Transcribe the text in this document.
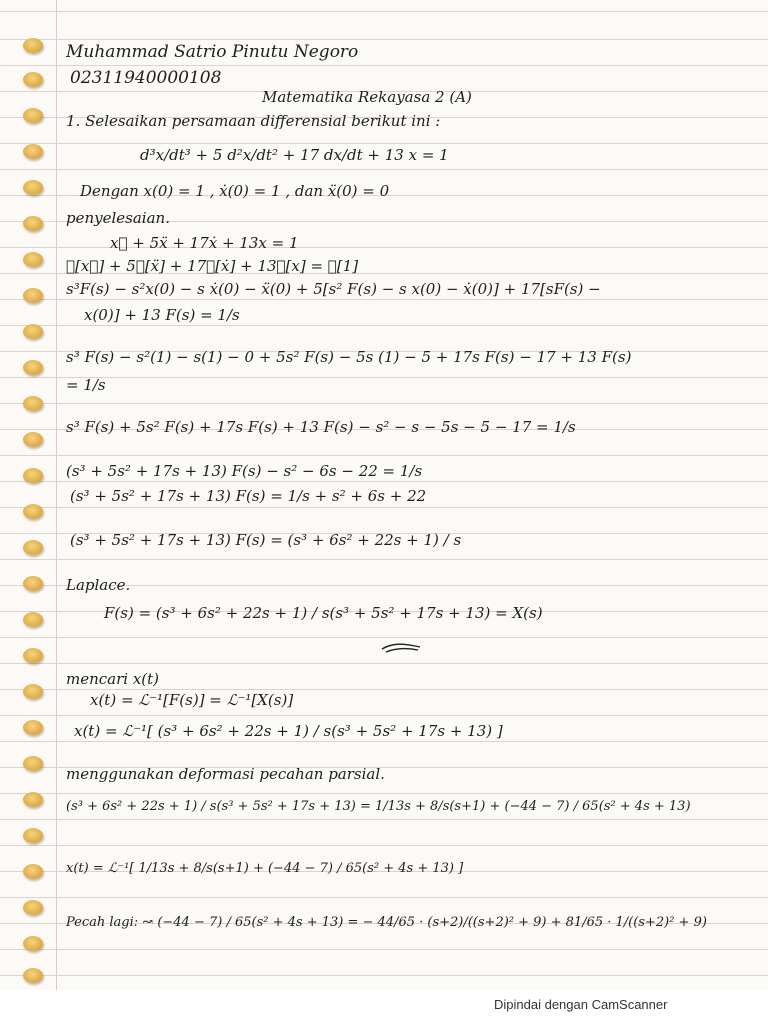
Muhammad Satrio Pinutu Negoro

02311940000108

Matematika Rekayasa 2 (A)

1. Selesaikan persamaan differensial berikut ini :

d³x/dt³ + 5 d²x/dt² + 17 dx/dt + 13 x = 1

Dengan x(0) = 1 , ẋ(0) = 1 , dan ẍ(0) = 0

penyelesaian.

x⃛ + 5ẍ + 17ẋ + 13x = 1

ℒ[x⃛] + 5ℒ[ẍ] + 17ℒ[ẋ] + 13ℒ[x] = ℒ[1]

s³F(s) − s²x(0) − s ẋ(0) − ẍ(0) + 5[s² F(s) − s x(0) − ẋ(0)] + 17[sF(s) −

x(0)] + 13 F(s) = 1/s

s³ F(s) − s²(1) − s(1) − 0 + 5s² F(s) − 5s (1) − 5 + 17s F(s) − 17 + 13 F(s)

= 1/s

s³ F(s) + 5s² F(s) + 17s F(s) + 13 F(s) − s² − s − 5s − 5 − 17 = 1/s

(s³ + 5s² + 17s + 13) F(s) − s² − 6s − 22 = 1/s

(s³ + 5s² + 17s + 13) F(s) = 1/s + s² + 6s + 22

(s³ + 5s² + 17s + 13) F(s) = (s³ + 6s² + 22s + 1) / s

Laplace.

F(s) = (s³ + 6s² + 22s + 1) / s(s³ + 5s² + 17s + 13) = X(s)

mencari x(t)

x(t) = ℒ⁻¹[F(s)] = ℒ⁻¹[X(s)]

x(t) = ℒ⁻¹[ (s³ + 6s² + 22s + 1) / s(s³ + 5s² + 17s + 13) ]

menggunakan deformasi pecahan parsial.

(s³ + 6s² + 22s + 1) / s(s³ + 5s² + 17s + 13) = 1/13s + 8/s(s+1) + (−44 − 7) / 65(s² + 4s + 13)

x(t) = ℒ⁻¹[ 1/13s + 8/s(s+1) + (−44 − 7) / 65(s² + 4s + 13) ]

Pecah lagi: ↝ (−44 − 7) / 65(s² + 4s + 13) = − 44/65 · (s+2)/((s+2)² + 9) + 81/65 · 1/((s+2)² + 9)

Dipindai dengan CamScanner
